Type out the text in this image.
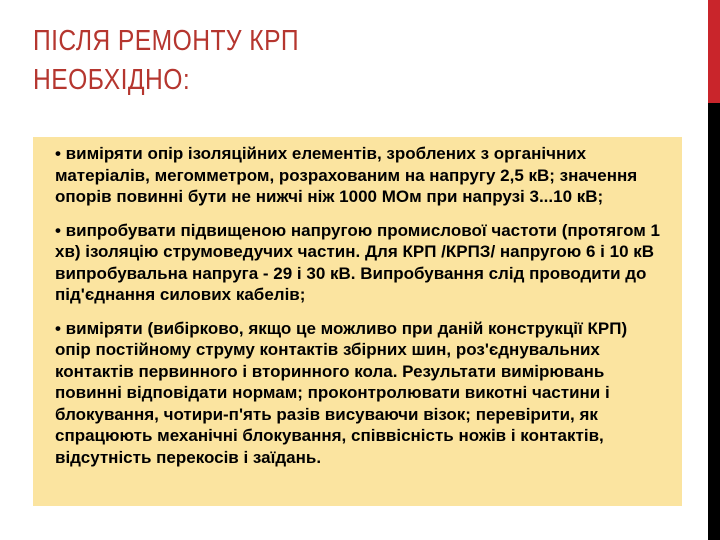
ПІСЛЯ РЕМОНТУ КРП
НЕОБХІДНО:

• виміряти опір ізоляційних елементів, зроблених з органічних матеріалів, мегомметром, розрахованим на напругу 2,5 кВ; значення опорів повинні бути не нижчі ніж 1000 МОм при напрузі 3...10 кВ;

• випробувати підвищеною напругою промислової частоти (протягом 1 хв) ізоляцію струмоведучих частин. Для КРП /КРПЗ/ напругою 6 і 10 кВ випробувальна напруга - 29 і 30 кВ. Випробування слід проводити до під'єднання силових кабелів;

• виміряти (вибірково, якщо це можливо при даній конструкції КРП) опір постійному струму контактів збірних шин, роз'єднувальних контактів первинного і вторинного кола. Результати вимірювань повинні відповідати нормам; проконтролювати викотні частини і блокування, чотири-п'ять разів висуваючи візок; перевірити, як спрацюють механічні блокування, співвісність ножів і контактів, відсутність перекосів і заїдань.
